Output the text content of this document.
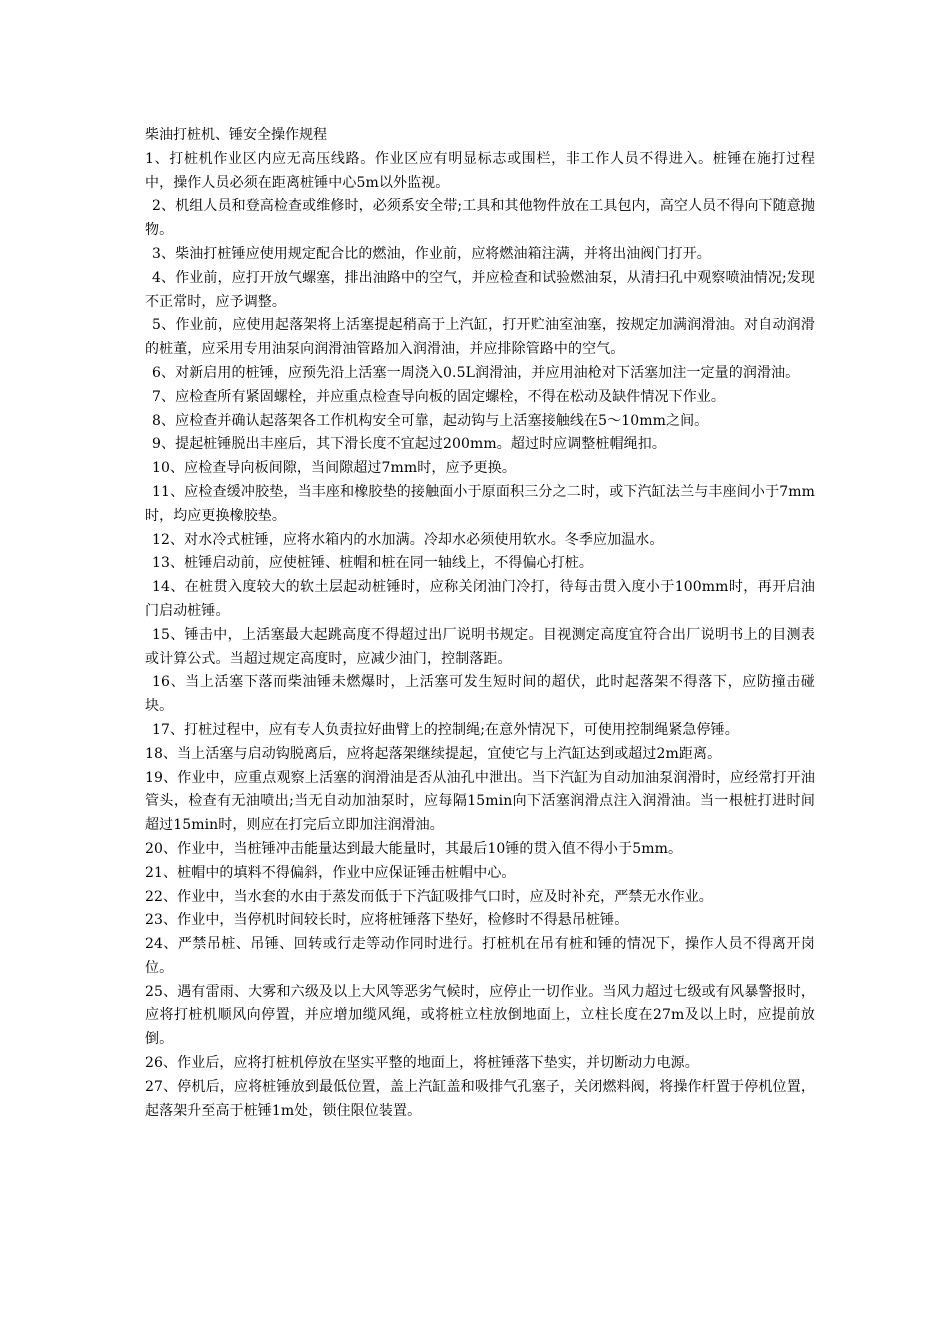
柴油打桩机、锤安全操作规程

1、打桩机作业区内应无高压线路。作业区应有明显标志或围栏，非工作人员不得进入。桩锤在施打过程中，操作人员必须在距离桩锤中心5m以外监视。

2、机组人员和登高检查或维修时，必须系安全带;工具和其他物件放在工具包内，高空人员不得向下随意抛物。

3、柴油打桩锤应使用规定配合比的燃油，作业前，应将燃油箱注满，并将出油阀门打开。

4、作业前，应打开放气螺塞，排出油路中的空气，并应检查和试验燃油泵，从清扫孔中观察喷油情况;发现不正常时，应予调整。

5、作业前，应使用起落架将上活塞提起稍高于上汽缸，打开贮油室油塞，按规定加满润滑油。对自动润滑的桩董，应采用专用油泵向润滑油管路加入润滑油，并应排除管路中的空气。

6、对新启用的桩锤，应预先沿上活塞一周浇入0.5L润滑油，并应用油枪对下活塞加注一定量的润滑油。

7、应检查所有紧固螺栓，并应重点检查导向板的固定螺栓，不得在松动及缺件情况下作业。

8、应检查并确认起落架各工作机构安全可靠，起动钩与上活塞接触线在5～10mm之间。

9、提起桩锤脱出丰座后，其下滑长度不宜起过200mm。超过时应调整桩帽绳扣。

10、应检查导向板间隙，当间隙超过7mm时，应予更换。

11、应检查缓冲胶垫，当丰座和橡胶垫的接触面小于原面积三分之二时，或下汽缸法兰与丰座间小于7mm时，均应更换橡胶垫。

12、对水冷式桩锤，应将水箱内的水加满。冷却水必须使用软水。冬季应加温水。

13、桩锤启动前，应使桩锤、桩帽和桩在同一轴线上，不得偏心打桩。

14、在桩贯入度较大的软土层起动桩锤时，应称关闭油门冷打，待每击贯入度小于100mm时，再开启油门启动桩锤。

15、锤击中，上活塞最大起跳高度不得超过出厂说明书规定。目视测定高度宜符合出厂说明书上的目测表或计算公式。当超过规定高度时，应减少油门，控制落距。

16、当上活塞下落而柴油锤未燃爆时，上活塞可发生短时间的超伏，此时起落架不得落下，应防撞击碰块。

17、打桩过程中，应有专人负责拉好曲臂上的控制绳;在意外情况下，可使用控制绳紧急停锤。

18、当上活塞与启动钩脱离后，应将起落架继续提起，宜使它与上汽缸达到或超过2m距离。

19、作业中，应重点观察上活塞的润滑油是否从油孔中泄出。当下汽缸为自动加油泵润滑时，应经常打开油管头，检查有无油喷出;当无自动加油泵时，应每隔15min向下活塞润滑点注入润滑油。当一根桩打进时间超过15min时，则应在打完后立即加注润滑油。

20、作业中，当桩锤冲击能量达到最大能量时，其最后10锤的贯入值不得小于5mm。

21、桩帽中的填料不得偏斜，作业中应保证锤击桩帽中心。

22、作业中，当水套的水由于蒸发而低于下汽缸吸排气口时，应及时补充，严禁无水作业。

23、作业中，当停机时间较长时，应将桩锤落下垫好，检修时不得悬吊桩锤。

24、严禁吊桩、吊锤、回转或行走等动作同时进行。打桩机在吊有桩和锤的情况下，操作人员不得离开岗位。

25、遇有雷雨、大雾和六级及以上大风等恶劣气候时，应停止一切作业。当风力超过七级或有风暴警报时，应将打桩机顺风向停置，并应增加缆风绳，或将桩立柱放倒地面上，立柱长度在27m及以上时，应提前放倒。

26、作业后，应将打桩机停放在坚实平整的地面上，将桩锤落下垫实，并切断动力电源。

27、停机后，应将桩锤放到最低位置，盖上汽缸盖和吸排气孔塞子，关闭燃料阀，将操作杆置于停机位置，起落架升至高于桩锤1m处，锁住限位装置。
